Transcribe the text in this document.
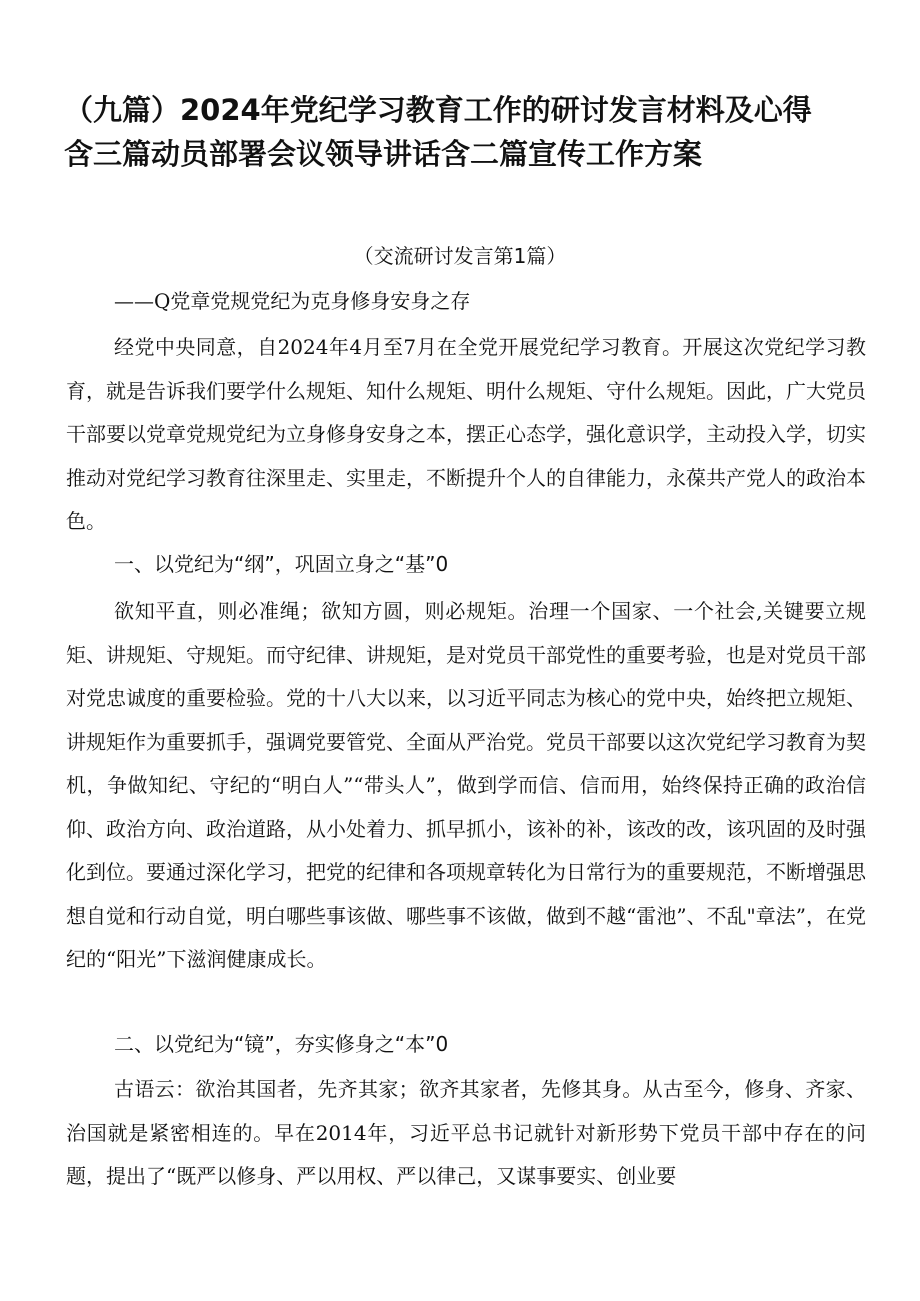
（九篇）2024年党纪学习教育工作的研讨发言材料及心得
含三篇动员部署会议领导讲话含二篇宣传工作方案

（交流研讨发言第1篇）

——Q党章党规党纪为克身修身安身之存

经党中央同意，自2024年4月至7月在全党开展党纪学习教育。开展这次党纪学习教育，就是告诉我们要学什么规矩、知什么规矩、明什么规矩、守什么规矩。因此，广大党员干部要以党章党规党纪为立身修身安身之本，摆正心态学，强化意识学，主动投入学，切实推动对党纪学习教育往深里走、实里走，不断提升个人的自律能力，永葆共产党人的政治本色。

一、以党纪为“纲”，巩固立身之“基”0

欲知平直，则必准绳；欲知方圆，则必规矩。治理一个国家、一个社会,关键要立规矩、讲规矩、守规矩。而守纪律、讲规矩，是对党员干部党性的重要考验，也是对党员干部对党忠诚度的重要检验。党的十八大以来，以习近平同志为核心的党中央，始终把立规矩、讲规矩作为重要抓手，强调党要管党、全面从严治党。党员干部要以这次党纪学习教育为契机，争做知纪、守纪的“明白人”“带头人”，做到学而信、信而用，始终保持正确的政治信仰、政治方向、政治道路，从小处着力、抓早抓小，该补的补，该改的改，该巩固的及时强化到位。要通过深化学习，把党的纪律和各项规章转化为日常行为的重要规范，不断增强思想自觉和行动自觉，明白哪些事该做、哪些事不该做，做到不越“雷池”、不乱"章法”，在党纪的“阳光”下滋润健康成长。

二、以党纪为“镜”，夯实修身之“本”0

古语云：欲治其国者，先齐其家；欲齐其家者，先修其身。从古至今，修身、齐家、治国就是紧密相连的。早在2014年，习近平总书记就针对新形势下党员干部中存在的问题，提出了“既严以修身、严以用权、严以律己，又谋事要实、创业要
